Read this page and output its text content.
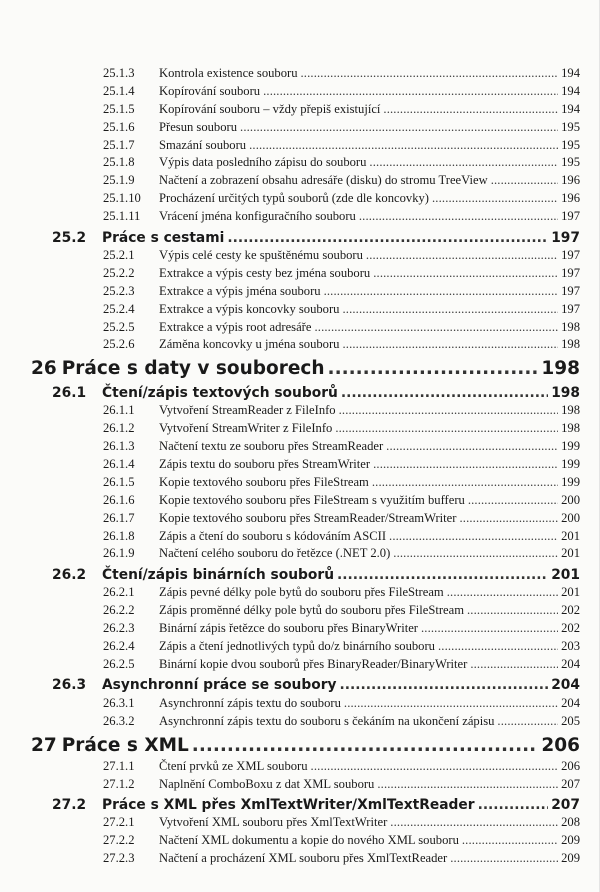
25.1.3	Kontrola existence souboru . . .	194
25.1.4	Kopírování souboru . . .	194
25.1.5	Kopírování souboru – vždy přepiš existující . . .	194
25.1.6	Přesun souboru . . .	195
25.1.7	Smazání souboru . . .	195
25.1.8	Výpis data posledního zápisu do souboru . . .	195
25.1.9	Načtení a zobrazení obsahu adresáře (disku) do stromu TreeView . . .	196
25.1.10	Procházení určitých typů souborů (zde dle koncovky) . . .	196
25.1.11	Vrácení jména konfiguračního souboru . . .	197
25.2	Práce s cestami .....	197
25.2.1	Výpis celé cesty ke spuštěnému souboru . . .	197
25.2.2	Extrakce a výpis cesty bez jména souboru . . .	197
25.2.3	Extrakce a výpis jména souboru . . .	197
25.2.4	Extrakce a výpis koncovky souboru . . .	197
25.2.5	Extrakce a výpis root adresáře . . .	198
25.2.6	Záměna koncovky u jména souboru . . .	198
26 Práce s daty v souborech .....	198
26.1	Čtení/zápis textových souborů .....	198
26.1.1	Vytvoření StreamReader z FileInfo . . .	198
26.1.2	Vytvoření StreamWriter z FileInfo . . .	198
26.1.3	Načtení textu ze souboru přes StreamReader . . .	199
26.1.4	Zápis textu do souboru přes StreamWriter . . .	199
26.1.5	Kopie textového souboru přes FileStream . . .	199
26.1.6	Kopie textového souboru přes FileStream s využitím bufferu . . .	200
26.1.7	Kopie textového souboru přes StreamReader/StreamWriter . . .	200
26.1.8	Zápis a čtení do souboru s kódováním ASCII . . .	201
26.1.9	Načtení celého souboru do řetězce (.NET 2.0) . . .	201
26.2	Čtení/zápis binárních souborů .....	201
26.2.1	Zápis pevné délky pole bytů do souboru přes FileStream . . .	201
26.2.2	Zápis proměnné délky pole bytů do souboru přes FileStream . . .	202
26.2.3	Binární zápis řetězce do souboru přes BinaryWriter . . .	202
26.2.4	Zápis a čtení jednotlivých typů do/z binárního souboru . . .	203
26.2.5	Binární kopie dvou souborů přes BinaryReader/BinaryWriter . . .	204
26.3	Asynchronní práce se soubory .....	204
26.3.1	Asynchronní zápis textu do souboru . . .	204
26.3.2	Asynchronní zápis textu do souboru s čekáním na ukončení zápisu . . .	205
27 Práce s XML .....	206
27.1.1	Čtení prvků ze XML souboru . . .	206
27.1.2	Naplnění ComboBoxu z dat XML souboru . . .	207
27.2	Práce s XML přes XmlTextWriter/XmlTextReader .....	207
27.2.1	Vytvoření XML souboru přes XmlTextWriter . . .	208
27.2.2	Načtení XML dokumentu a kopie do nového XML souboru . . .	209
27.2.3	Načtení a procházení XML souboru přes XmlTextReader . . .	209
